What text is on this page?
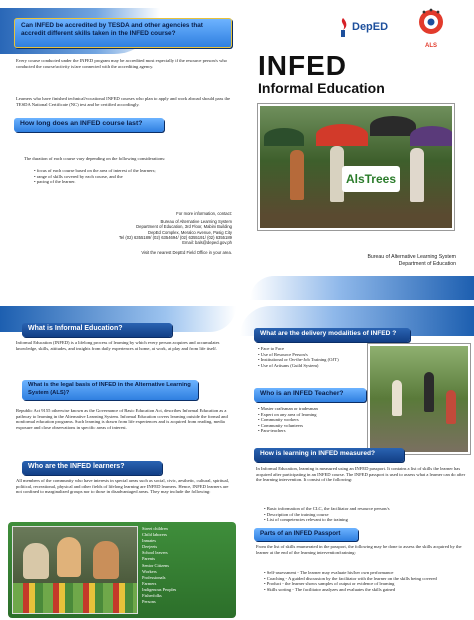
Can INFED be accredited by TESDA and other agencies that accredit different skills taken in the INFED course?

Every course conducted under the INFED program may be accredited most especially if the resource person/s who conducted the course/activity is/are connected with the accrediting agency.

Learners who have finished technical/vocational INFED courses who plan to apply and work abroad should pass the TESDA National Certificate (NC) test and be certified accordingly.

How long does an INFED course last?

The duration of each course vary depending on the following considerations:

• focus of each course based on the area of interest of the learners;
• range of skills covered by each course, and the
• pacing of the learner.
For more information, contact:
Bureau of Alternative Learning System
Department of Education, 3rd Floor, Mabini Building
DepEd Complex, Meralco Avenue, Pasig City
Tel (02) 6355189/ (02) 6354694/ (02) 6355191/ (02) 6355189
Email: bals@deped.gov.ph
Visit the nearest DepEd Field Office in your area.
DepED
ALS
INFED
Informal Education
AlsTrees
Bureau of Alternative Learning System
Department of Education
What is Informal Education?

Informal Education (INFED) is a lifelong process of learning by which every person acquires and accumulates knowledge, skills, attitudes, and insights from daily experiences at home, at work, at play and from life itself.

What is the legal basis of INFED in the Alternative Learning System (ALS)?

Republic Act 9155 otherwise known as the Governance of Basic Education Act, describes Informal Education as a pathway to learning in the Alternative Learning System. Informal Education covers learning outside the formal and nonformal education programs. Such learning is drawn from life experiences and is acquired from reading, media exposure and close observations in specific areas of interest.

Who are the INFED learners?

All members of the community who have interests in special areas such as social, civic, aesthetic, cultural, spiritual, political, recreational, physical and other fields of lifelong learning are INFED learners. Hence, INFED learners are not confined to marginalized groups nor to those in disadvantaged areas. They may include the following:

Street children
Child laborers
Inmates
Deejeets
School leavers
Parents
Senior Citizens
Workers
Professionals
Farmers
Indigenous Peoples
Fisherfolks
Persons
What are the delivery modalities of INFED ?
• Face to Face
• Use of Resource Person/s
• Institutional or On-the-Job Training (OJT)
• Use of Artisans (Guild System)
Who is an INFED Teacher?
• Master craftsman or tradesman
• Expert on any area of learning
• Community workers
• Community volunteers
• Para-teachers
How is learning in INFED measured?

In Informal Education, learning is measured using an INFED passport. It contains a list of skills the learner has acquired after participating in an INFED course. The INFED passport is used to assess what a learner can do after the learning intervention. It consist of the following:

• Basic information of the CLC, the facilitator and resource person/s
• Description of the training course
• List of competencies relevant to the training
Parts of an INFED Passport

From the list of skills enumerated in the passport, the following may be done to assess the skills acquired by the learner at the end of the learning intervention/training:

• Self-assessment - The learner may evaluate his/her own performance
• Coaching - A guided discussion by the facilitator with the learner on the skills being covered
• Product - the learner shows samples of output or evidence of learning
• Skills sorting - The facilitator analyzes and evaluates the skills gained
